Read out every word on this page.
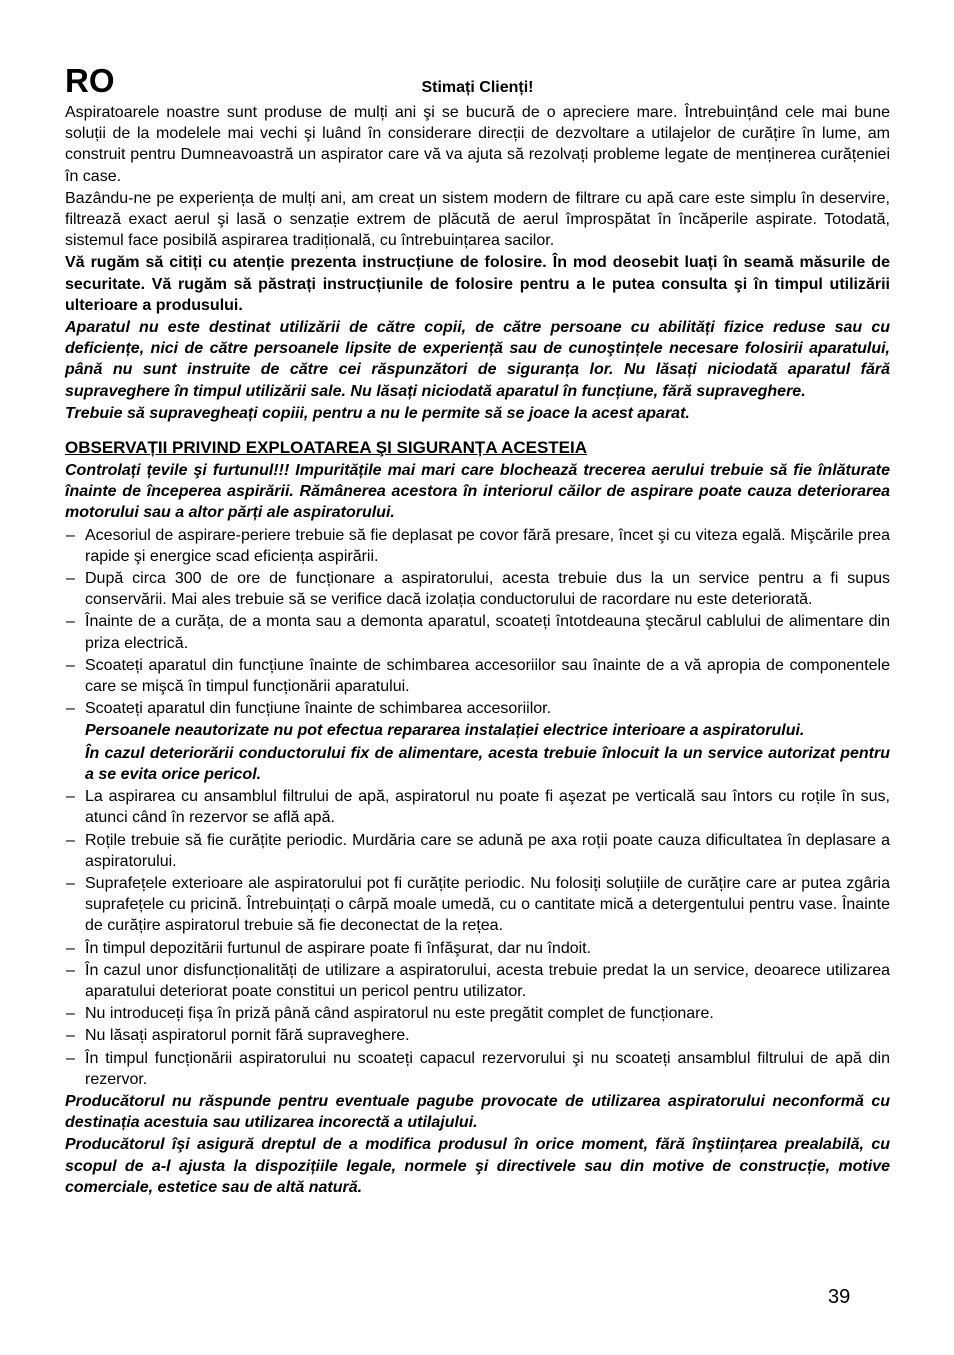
RO	Stimați Clienți!

Aspiratoarele noastre sunt produse de mulți ani şi se bucură de o apreciere mare. Întrebuințând cele mai bune soluții de la modelele mai vechi şi luând în considerare direcții de dezvoltare a utilajelor de curățire în lume, am construit pentru Dumneavoastră un aspirator care vă va ajuta să rezolvați probleme legate de menținerea curățeniei în case.

Bazându-ne pe experiența de mulți ani, am creat un sistem modern de filtrare cu apă care este simplu în deservire, filtrează exact aerul şi lasă o senzație extrem de plăcută de aerul împrospătat în încăperile aspirate. Totodată, sistemul face posibilă aspirarea tradițională, cu întrebuințarea sacilor.

Vă rugăm să citiți cu atenție prezenta instrucțiune de folosire. În mod deosebit luați în seamă măsurile de securitate. Vă rugăm să păstrați instrucțiunile de folosire pentru a le putea consulta şi în timpul utilizării ulterioare a produsului.

Aparatul nu este destinat utilizării de către copii, de către persoane cu abilități fizice reduse sau cu deficiențe, nici de către persoanele lipsite de experiență sau de cunoştințele necesare folosirii aparatului, până nu sunt instruite de către cei răspunzători de siguranța lor. Nu lăsați niciodată aparatul fără supraveghere în timpul utilizării sale. Nu lăsați niciodată aparatul în funcțiune, fără supraveghere.

Trebuie să supravegheați copiii, pentru a nu le permite să se joace la acest aparat.

OBSERVAȚII PRIVIND EXPLOATAREA ŞI SIGURANȚA ACESTEIA

Controlați țevile şi furtunul!!! Impuritățile mai mari care blochează trecerea aerului trebuie să fie înlăturate înainte de începerea aspirării. Rămânerea acestora în interiorul căilor de aspirare poate cauza deteriorarea motorului sau a altor părți ale aspiratorului.

– Acesoriul de aspirare-periere trebuie să fie deplasat pe covor fără presare, încet şi cu viteza egală. Mişcările prea rapide şi energice scad eficiența aspirării.
– După circa 300 de ore de funcționare a aspiratorului, acesta trebuie dus la un service pentru a fi supus conservării. Mai ales trebuie să se verifice dacă izolația conductorului de racordare nu este deteriorată.
– Înainte de a curăța, de a monta sau a demonta aparatul, scoateți întotdeauna ştecărul cablului de alimentare din priza electrică.
– Scoateți aparatul din funcțiune înainte de schimbarea accesoriilor sau înainte de a vă apropia de componentele care se mişcă în timpul funcționării aparatului.
– Scoateți aparatul din funcțiune înainte de schimbarea accesoriilor.

Persoanele neautorizate nu pot efectua repararea instalației electrice interioare a aspiratorului.

În cazul deteriorării conductorului fix de alimentare, acesta trebuie înlocuit la un service autorizat pentru a se evita orice pericol.

– La aspirarea cu ansamblul filtrului de apă, aspiratorul nu poate fi aşezat pe verticală sau întors cu roțile în sus, atunci când în rezervor se află apă.
– Roțile trebuie să fie curățite periodic. Murdăria care se adună pe axa roții poate cauza dificultatea în deplasare a aspiratorului.
– Suprafețele exterioare ale aspiratorului pot fi curățite periodic. Nu folosiți soluțiile de curățire care ar putea zgâria suprafețele cu pricină. Întrebuințați o cârpă moale umedă, cu o cantitate mică a detergentului pentru vase. Înainte de curățire aspiratorul trebuie să fie deconectat de la rețea.
– În timpul depozitării furtunul de aspirare poate fi înfăşurat, dar nu îndoit.
– În cazul unor disfuncționalități de utilizare a aspiratorului, acesta trebuie predat la un service, deoarece utilizarea aparatului deteriorat poate constitui un pericol pentru utilizator.
– Nu introduceți fişa în priză până când aspiratorul nu este pregătit complet de funcționare.
– Nu lăsați aspiratorul pornit fără supraveghere.
– În timpul funcționării aspiratorului nu scoateți capacul rezervorului şi nu scoateți ansamblul filtrului de apă din rezervor.

Producătorul nu răspunde pentru eventuale pagube provocate de utilizarea aspiratorului neconformă cu destinația acestuia sau utilizarea incorectă a utilajului.

Producătorul îşi asigură dreptul de a modifica produsul în orice moment, fără înştiințarea prealabilă, cu scopul de a-l ajusta la dispozițiile legale, normele şi directivele sau din motive de construcție, motive comerciale, estetice sau de altă natură.

39
